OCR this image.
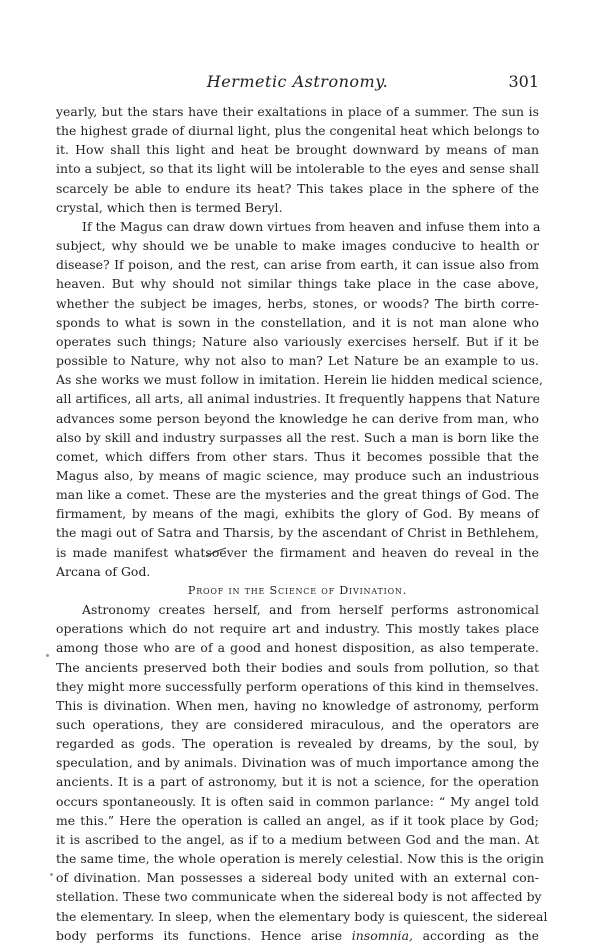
Hermetic Astronomy.	301

yearly, but the stars have their exaltations in place of a summer. The sun is
the highest grade of diurnal light, plus the congenital heat which belongs to
it. How shall this light and heat be brought downward by means of man
into a subject, so that its light will be intolerable to the eyes and sense shall
scarcely be able to endure its heat? This takes place in the sphere of the
crystal, which then is termed Beryl.

If the Magus can draw down virtues from heaven and infuse them into a
subject, why should we be unable to make images conducive to health or
disease? If poison, and the rest, can arise from earth, it can issue also from
heaven. But why should not similar things take place in the case above,
whether the subject be images, herbs, stones, or woods? The birth corre-
sponds to what is sown in the constellation, and it is not man alone who
operates such things; Nature also variously exercises herself. But if it be
possible to Nature, why not also to man? Let Nature be an example to us.
As she works we must follow in imitation. Herein lie hidden medical science,
all artifices, all arts, all animal industries. It frequently happens that Nature
advances some person beyond the knowledge he can derive from man, who
also by skill and industry surpasses all the rest. Such a man is born like the
comet, which differs from other stars. Thus it becomes possible that the
Magus also, by means of magic science, may produce such an industrious
man like a comet. These are the mysteries and the great things of God. The
firmament, by means of the magi, exhibits the glory of God. By means of
the magi out of Satra and Tharsis, by the ascendant of Christ in Bethlehem,
is made manifest whatsoever the firmament and heaven do reveal in the
Arcana of God.

Proof in the Science of Divination.

Astronomy creates herself, and from herself performs astronomical
operations which do not require art and industry. This mostly takes place
among those who are of a good and honest disposition, as also temperate.
The ancients preserved both their bodies and souls from pollution, so that
they might more successfully perform operations of this kind in themselves.
This is divination. When men, having no knowledge of astronomy, perform
such operations, they are considered miraculous, and the operators are
regarded as gods. The operation is revealed by dreams, by the soul, by
speculation, and by animals. Divination was of much importance among the
ancients. It is a part of astronomy, but it is not a science, for the operation
occurs spontaneously. It is often said in common parlance: “ My angel told
me this.” Here the operation is called an angel, as if it took place by God;
it is ascribed to the angel, as if to a medium between God and the man. At
the same time, the whole operation is merely celestial. Now this is the origin
of divination. Man possesses a sidereal body united with an external con-
stellation. These two communicate when the sidereal body is not affected by
the elementary. In sleep, when the elementary body is quiescent, the sidereal

body performs its functions. Hence arise insomnia, according as the
